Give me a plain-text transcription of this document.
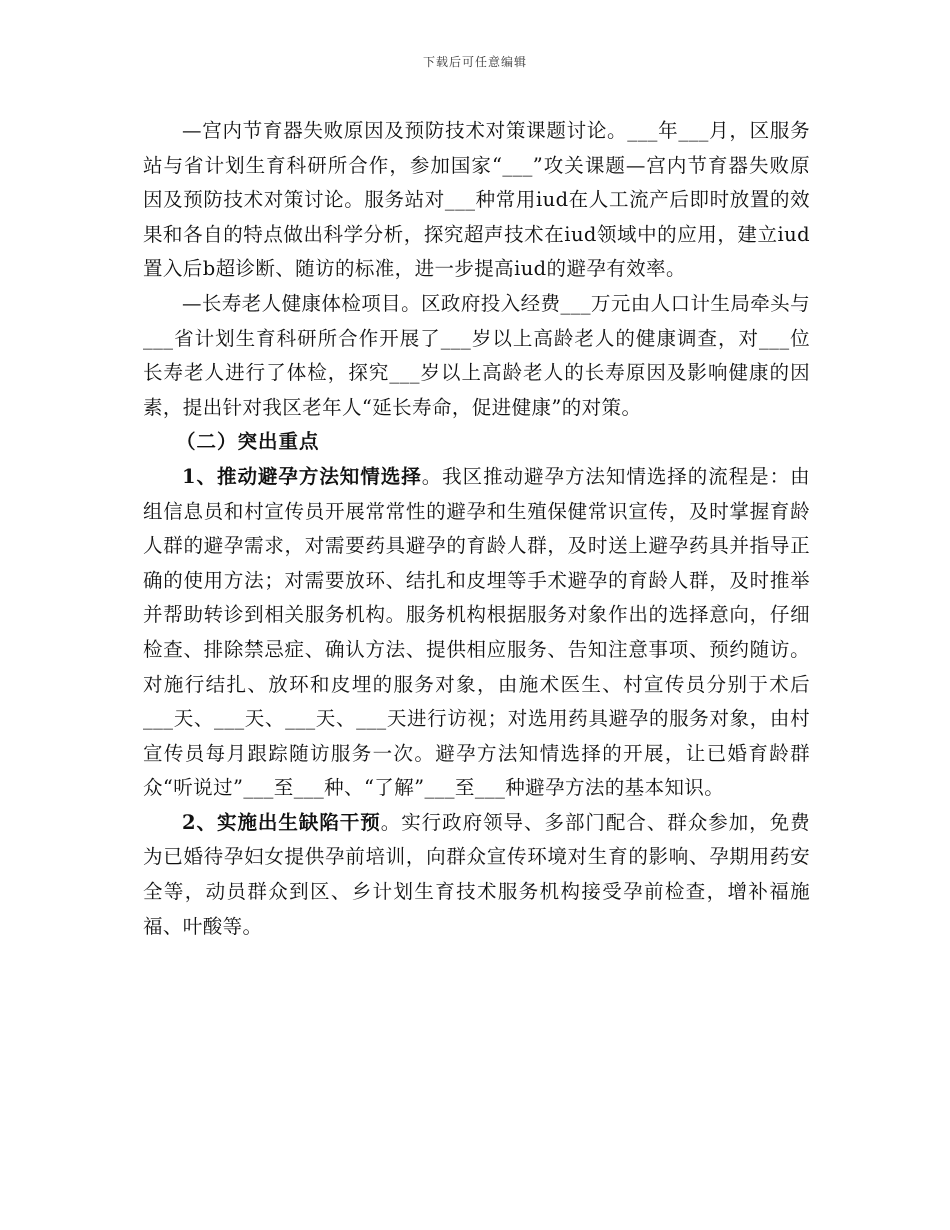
下载后可任意编辑

—宫内节育器失败原因及预防技术对策课题讨论。___年___月，区服务站与省计划生育科研所合作，参加国家“___”攻关课题—宫内节育器失败原因及预防技术对策讨论。服务站对___种常用iud在人工流产后即时放置的效果和各自的特点做出科学分析，探究超声技术在iud领域中的应用，建立iud置入后b超诊断、随访的标准，进一步提高iud的避孕有效率。

—长寿老人健康体检项目。区政府投入经费___万元由人口计生局牵头与___省计划生育科研所合作开展了___岁以上高龄老人的健康调查，对___位长寿老人进行了体检，探究___岁以上高龄老人的长寿原因及影响健康的因素，提出针对我区老年人“延长寿命，促进健康”的对策。

（二）突出重点

1、推动避孕方法知情选择。我区推动避孕方法知情选择的流程是：由组信息员和村宣传员开展常常性的避孕和生殖保健常识宣传，及时掌握育龄人群的避孕需求，对需要药具避孕的育龄人群，及时送上避孕药具并指导正确的使用方法；对需要放环、结扎和皮埋等手术避孕的育龄人群，及时推举并帮助转诊到相关服务机构。服务机构根据服务对象作出的选择意向，仔细检查、排除禁忌症、确认方法、提供相应服务、告知注意事项、预约随访。对施行结扎、放环和皮埋的服务对象，由施术医生、村宣传员分别于术后___天、___天、___天、___天进行访视；对选用药具避孕的服务对象，由村宣传员每月跟踪随访服务一次。避孕方法知情选择的开展，让已婚育龄群众“听说过”___至___种、“了解”___至___种避孕方法的基本知识。

2、实施出生缺陷干预。实行政府领导、多部门配合、群众参加，免费为已婚待孕妇女提供孕前培训，向群众宣传环境对生育的影响、孕期用药安全等，动员群众到区、乡计划生育技术服务机构接受孕前检查，增补福施福、叶酸等。
